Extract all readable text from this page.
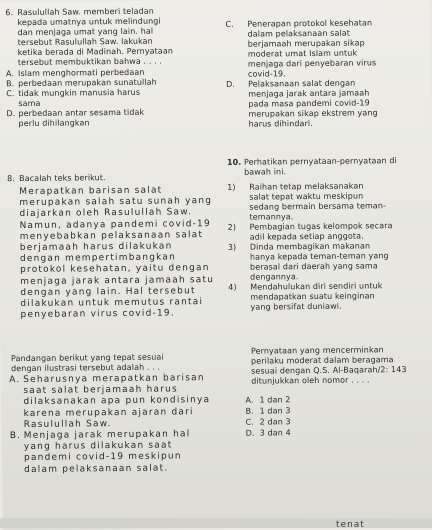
6. Rasulullah Saw. memberi teladan
kepada umatnya untuk melindungi
dan menjaga umat yang lain. hal
tersebut Rasulullah Saw. lakukan
ketika berada di Madinah. Pernyataan
tersebut membuktikan bahwa . . . .
A. Islam menghormati perbedaan
B. perbedaan merupakan sunatullah
C. tidak mungkin manusia harus
sama
D. perbedaan antar sesama tidak
perlu dihilangkan
C. Penerapan protokol kesehatan
dalam pelaksanaan salat
berjamaah merupakan sikap
moderat umat Islam untuk
menjaga dari penyebaran virus
covid-19.
D. Pelaksanaan salat dengan
menjaga jarak antara jamaah
pada masa pandemi covid-19
merupakan sikap ekstrem yang
harus dihindari.
8. Bacalah teks berikut.
Merapatkan barisan salat
merupakan salah satu sunah yang
diajarkan oleh Rasulullah Saw.
Namun, adanya pandemi covid-19
menyebabkan pelaksanaan salat
berjamaah harus dilakukan
dengan mempertimbangkan
protokol kesehatan, yaitu dengan
menjaga jarak antara jamaah satu
dengan yang lain. Hal tersebut
dilakukan untuk memutus rantai
penyebaran virus covid-19.
Pandangan berikut yang tepat sesuai
dengan ilustrasi tersebut adalah . . .
A. Seharusnya merapatkan barisan
saat salat berjamaah harus
dilaksanakan apa pun kondisinya
karena merupakan ajaran dari
Rasulullah Saw.
B. Menjaga jarak merupakan hal
yang harus dilakukan saat
pandemi covid-19 meskipun
dalam pelaksanaan salat.
10. Perhatikan pernyataan-pernyataan di
bawah ini.
1) Raihan tetap melaksanakan
salat tepat waktu meskipun
sedang bermain bersama teman-
temannya.
2) Pembagian tugas kelompok secara
adil kepada setiap anggota.
3) Dinda membagikan makanan
hanya kepada teman-teman yang
berasal dari daerah yang sama
dengannya.
4) Mendahulukan diri sendiri untuk
mendapatkan suatu keinginan
yang bersifat duniawi.
Pernyataan yang mencerminkan
perilaku moderat dalam beragama
sesuai dengan Q.S. Al-Baqarah/2: 143
ditunjukkan oleh nomor . . . .
A. 1 dan 2
B. 1 dan 3
C. 2 dan 3
D. 3 dan 4
tenat
